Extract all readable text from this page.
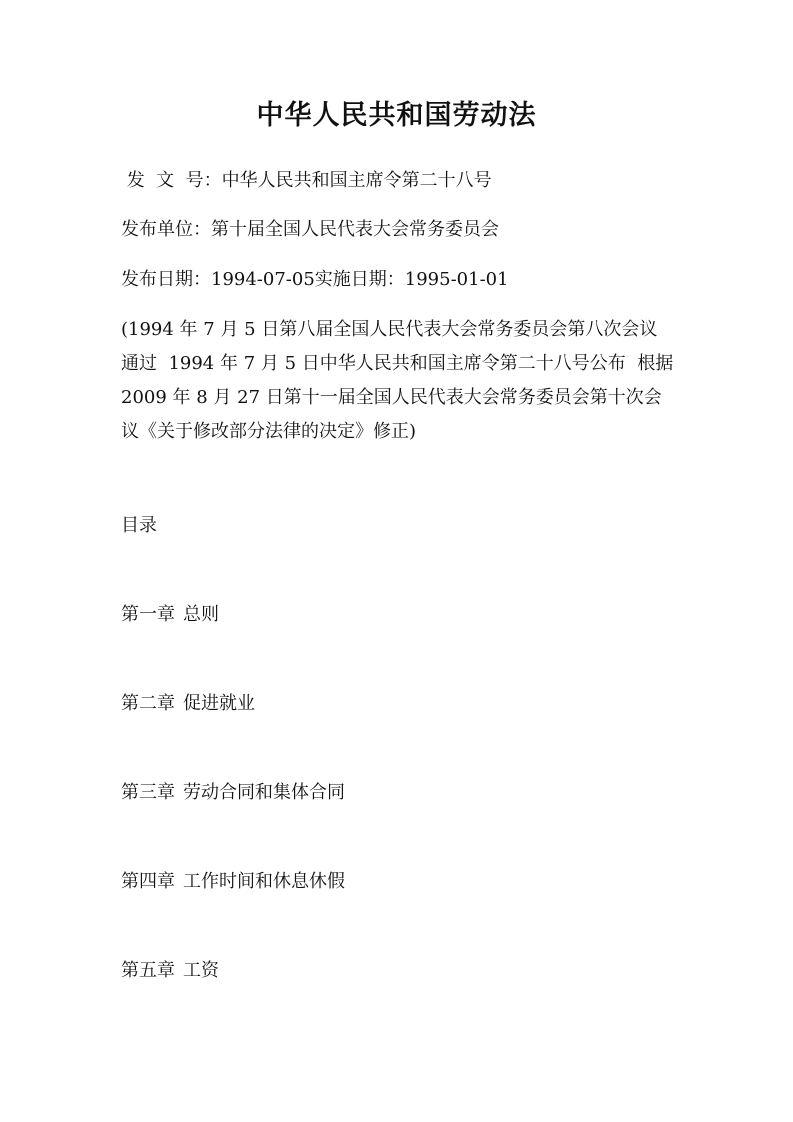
中华人民共和国劳动法

发  文  号：中华人民共和国主席令第二十八号

发布单位：第十届全国人民代表大会常务委员会

发布日期：1994-07-05实施日期：1995-01-01

(1994 年 7 月 5 日第八届全国人民代表大会常务委员会第八次会议
通过  1994 年 7 月 5 日中华人民共和国主席令第二十八号公布  根据
2009 年 8 月 27 日第十一届全国人民代表大会常务委员会第十次会
议《关于修改部分法律的决定》修正)

目录

第一章 总则

第二章 促进就业

第三章 劳动合同和集体合同

第四章 工作时间和休息休假

第五章 工资
